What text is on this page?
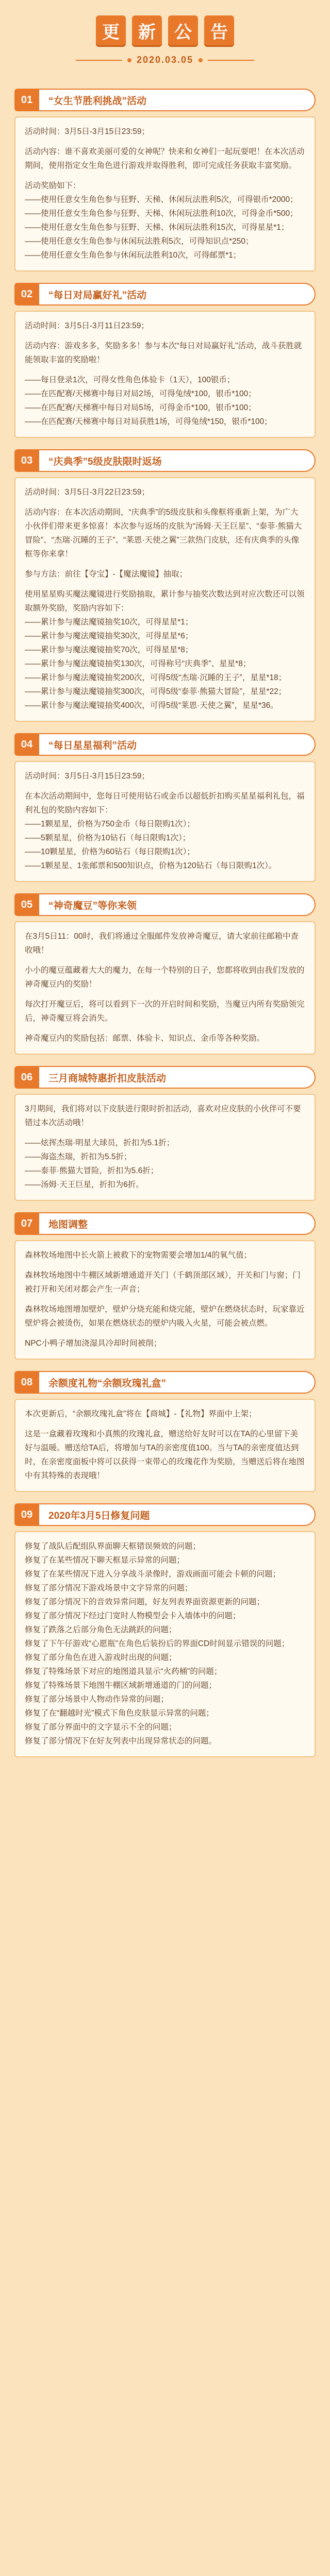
更	新	公	告
2020.03.05
01	“女生节胜利挑战”活动

活动时间：3月5日-3月15日23:59；

活动内容：谁不喜欢美丽可爱的女神呢？快来和女神们一起玩耍吧！在本次活动期间，使用指定女生角色进行游戏并取得胜利，即可完成任务获取丰富奖励。

活动奖励如下：

——使用任意女生角色参与狂野、天梯、休闲玩法胜利5次，可得银币*2000；

——使用任意女生角色参与狂野、天梯、休闲玩法胜利10次，可得金币*500；

——使用任意女生角色参与狂野、天梯、休闲玩法胜利15次，可得星星*1；

——使用任意女生角色参与休闲玩法胜利5次，可得知识点*250；

——使用任意女生角色参与休闲玩法胜利10次，可得邮票*1；

02	“每日对局赢好礼”活动

活动时间：3月5日-3月11日23:59；

活动内容：游戏多多，奖励多多！参与本次“每日对局赢好礼”活动，战斗获胜就能领取丰富的奖励啦！

——每日登录1次，可得女性角色体验卡（1天），100银币；

——在匹配赛/天梯赛中每日对局2场，可得兔绒*100，银币*100；

——在匹配赛/天梯赛中每日对局5场，可得金币*100，银币*100；

——在匹配赛/天梯赛中每日对局获胜1场，可得兔绒*150，银币*100；

03	“庆典季”5级皮肤限时返场

活动时间：3月5日-3月22日23:59；

活动内容：在本次活动期间，“庆典季”的5级皮肤和头像框将重新上架，为广大小伙伴们带来更多惊喜！本次参与返场的皮肤为“汤姆·天王巨星”、“泰菲·熊猫大冒险”、“杰瑞·沉睡的王子”、“莱恩·天使之翼”三款热门皮肤，还有庆典季的头像框等你来拿！

参与方法：前往【夺宝】-【魔法魔镜】抽取；

使用星星购买魔法魔镜进行奖励抽取，累计参与抽奖次数达到对应次数还可以领取额外奖励，奖励内容如下：

——累计参与魔法魔镜抽奖10次，可得星星*1；

——累计参与魔法魔镜抽奖30次，可得星星*6；

——累计参与魔法魔镜抽奖70次，可得星星*8；

——累计参与魔法魔镜抽奖130次，可得称号“庆典季”、星星*8；

——累计参与魔法魔镜抽奖200次，可得5级“杰瑞·沉睡的王子”，星星*18；

——累计参与魔法魔镜抽奖300次，可得5级“泰菲·熊猫大冒险”，星星*22；

——累计参与魔法魔镜抽奖400次，可得5级“莱恩·天使之翼”，星星*36。

04	“每日星星福利”活动

活动时间：3月5日-3月15日23:59；

在本次活动期间中，您每日可使用钻石或金币以超低折扣购买星星福利礼包，福利礼包的奖励内容如下：

——1颗星星，价格为750金币（每日限购1次）；

——5颗星星，价格为10钻石（每日限购1次）；

——10颗星星，价格为60钻石（每日限购1次）；

——1颗星星、1张邮票和500知识点，价格为120钻石（每日限购1次）。

05	“神奇魔豆”等你来领

在3月5日11：00时，我们将通过全服邮件发放神奇魔豆，请大家前往邮箱中查收哦！

小小的魔豆蕴藏着大大的魔力，在每一个特别的日子，您都将收到由我们发放的神奇魔豆内的奖励！

每次打开魔豆后，将可以看到下一次的开启时间和奖励，当魔豆内所有奖励领完后，神奇魔豆将会消失。

神奇魔豆内的奖励包括：邮票、体验卡、知识点、金币等各种奖励。

06	三月商城特惠折扣皮肤活动

3月期间，我们将对以下皮肤进行限时折扣活动，喜欢对应皮肤的小伙伴可不要错过本次活动哦！

——炫挥杰瑞·明星大球员，折扣为5.1折；

——海盗杰瑞，折扣为5.5折；

——泰菲·熊猫大冒险，折扣为5.6折；

——汤姆·天王巨星，折扣为6折。

07	地图调整

森林牧场地图中长火箭上被救下的宠物需要会增加1/4的氧气值；

森林牧场地图中牛棚区域新增通道开关门（千鹤顶部区域），开关和门与窗；门被打开和关闭对都会产生一声音；

森林牧场地图增加壁炉，壁炉分烧充能和烧完能，壁炉在燃烧状态时，玩家靠近壁炉将会被烫伤，如果在燃烧状态的壁炉内吸入火星，可能会被点燃。

NPC小鸭子增加浇湿具冷却时间被削；

08	余额度礼物“余额玫瑰礼盒”

本次更新后，“余额玫瑰礼盒”将在【商城】-【礼物】界面中上架；

这是一盒藏着玫瑰和小真熊的玫瑰礼盒，赠送给好友时可以在TA的心里留下美好与温暖。赠送给TA后，将增加与TA的亲密度值100。当与TA的亲密度值达到时，在亲密度面板中将可以获得一束带心的玫瑰花作为奖励，当赠送后将在地图中有其特殊的表现哦！

09	2020年3月5日修复问题

修复了战队后配组队界面聊天框错误频效的问题；

修复了在某些情况下聊天框显示异常的问题；

修复了在某些情况下进入分享战斗录像时，游戏画面可能会卡顿的问题；

修复了部分情况下游戏场景中文字异常的问题；

修复了部分情况下的音效异常问题，好友列表界面资源更新的问题；

修复了部分情况下经过门宽时人物模型会卡入墙体中的问题；

修复了跌落之后部分角色无法跳跃的问题；

修复了下午仔游戏“心愿瓶”在角色后装扮后的界面CD时间显示错误的问题；

修复了部分角色在进入游戏时出现的问题；

修复了特殊场景下对应的地图道具显示“火药桶”的问题；

修复了特殊场景下地图牛棚区域新增通道的门的问题；

修复了部分场景中人物动作异常的问题；

修复了在“翻越时光”模式下角色皮肤显示异常的问题；

修复了部分界面中的文字显示不全的问题；

修复了部分情况下在好友列表中出现异常状态的问题。
